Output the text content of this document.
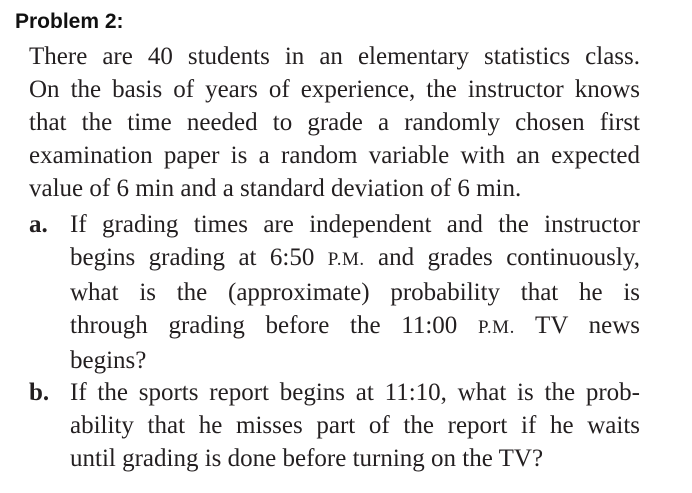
Problem 2:
There are 40 students in an elementary statistics class.
On the basis of years of experience, the instructor knows
that the time needed to grade a randomly chosen first
examination paper is a random variable with an expected
value of 6 min and a standard deviation of 6 min.
a. If grading times are independent and the instructor
begins grading at 6:50 P.M. and grades continuously,
what is the (approximate) probability that he is
through grading before the 11:00 P.M. TV news
begins?
b. If the sports report begins at 11:10, what is the prob-
ability that he misses part of the report if he waits
until grading is done before turning on the TV?
